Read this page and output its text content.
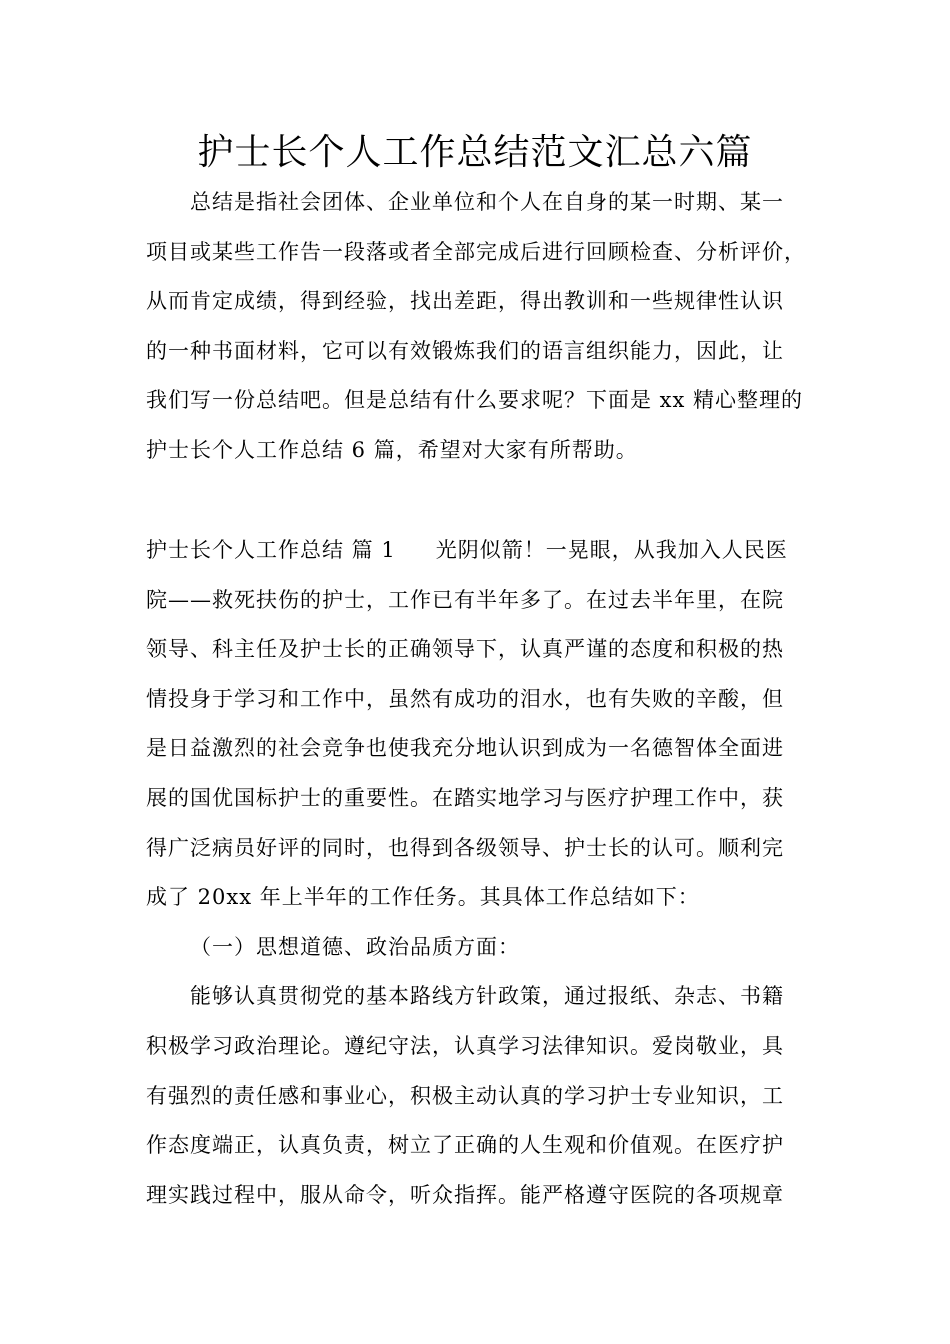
护士长个人工作总结范文汇总六篇
总结是指社会团体、企业单位和个人在自身的某一时期、某一
项目或某些工作告一段落或者全部完成后进行回顾检查、分析评价，
从而肯定成绩，得到经验，找出差距，得出教训和一些规律性认识
的一种书面材料，它可以有效锻炼我们的语言组织能力，因此，让
我们写一份总结吧。但是总结有什么要求呢？下面是 xx 精心整理的
护士长个人工作总结 6 篇，希望对大家有所帮助。
护士长个人工作总结 篇 1 光阴似箭！一晃眼，从我加入人民医
院——救死扶伤的护士，工作已有半年多了。在过去半年里，在院
领导、科主任及护士长的正确领导下，认真严谨的态度和积极的热
情投身于学习和工作中，虽然有成功的泪水，也有失败的辛酸，但
是日益激烈的社会竞争也使我充分地认识到成为一名德智体全面进
展的国优国标护士的重要性。在踏实地学习与医疗护理工作中，获
得广泛病员好评的同时，也得到各级领导、护士长的认可。顺利完
成了 20xx 年上半年的工作任务。其具体工作总结如下：
（一）思想道德、政治品质方面：
能够认真贯彻党的基本路线方针政策，通过报纸、杂志、书籍
积极学习政治理论。遵纪守法，认真学习法律知识。爱岗敬业，具
有强烈的责任感和事业心，积极主动认真的学习护士专业知识，工
作态度端正，认真负责，树立了正确的人生观和价值观。在医疗护
理实践过程中，服从命令，听众指挥。能严格遵守医院的各项规章
